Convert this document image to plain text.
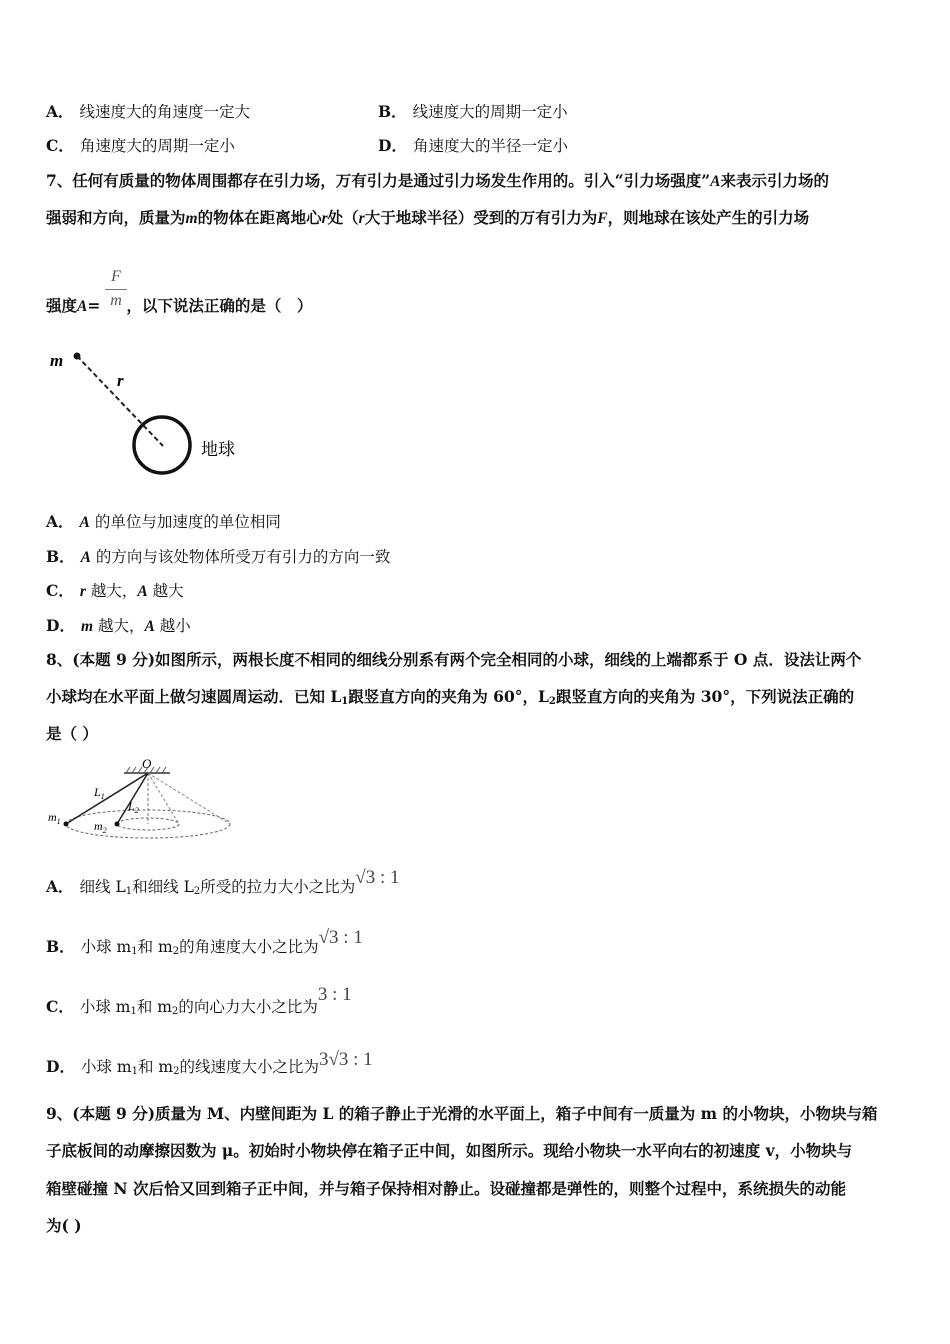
A． 线速度大的角速度一定大	B． 线速度大的周期一定小
C． 角速度大的周期一定小	D． 角速度大的半径一定小
7、任何有质量的物体周围都存在引力场，万有引力是通过引力场发生作用的。引入“引力场强度”A来表示引力场的
强弱和方向，质量为m的物体在距离地心r处（r大于地球半径）受到的万有引力为F，则地球在该处产生的引力场
强度A= ，以下说法正确的是（　）
F
m
m
r
地球
A． A 的单位与加速度的单位相同
B． A 的方向与该处物体所受万有引力的方向一致
C． r 越大，A 越大
D． m 越大，A 越小
8、(本题 9 分)如图所示，两根长度不相同的细线分别系有两个完全相同的小球，细线的上端都系于 O 点．设法让两个
小球均在水平面上做匀速圆周运动．已知 $L_1$跟竖直方向的夹角为 60°，$L_2$跟竖直方向的夹角为 30°，下列说法正确的
是（ ）
O
$L_1$
$L_2$
$m_1$	$m_2$
A． 细线 $L_1$和细线 $L_2$所受的拉力大小之比为√3 : 1
B． 小球 $m_1$和 $m_2$的角速度大小之比为√3 : 1
C． 小球 $m_1$和 $m_2$的向心力大小之比为3 : 1
D． 小球 $m_1$和 $m_2$的线速度大小之比为3√3 : 1
9、(本题 9 分)质量为 M、内壁间距为 L 的箱子静止于光滑的水平面上，箱子中间有一质量为 m 的小物块，小物块与箱
子底板间的动摩擦因数为 μ。初始时小物块停在箱子正中间，如图所示。现给小物块一水平向右的初速度 v，小物块与
箱壁碰撞 N 次后恰又回到箱子正中间，并与箱子保持相对静止。设碰撞都是弹性的，则整个过程中，系统损失的动能
为( )
